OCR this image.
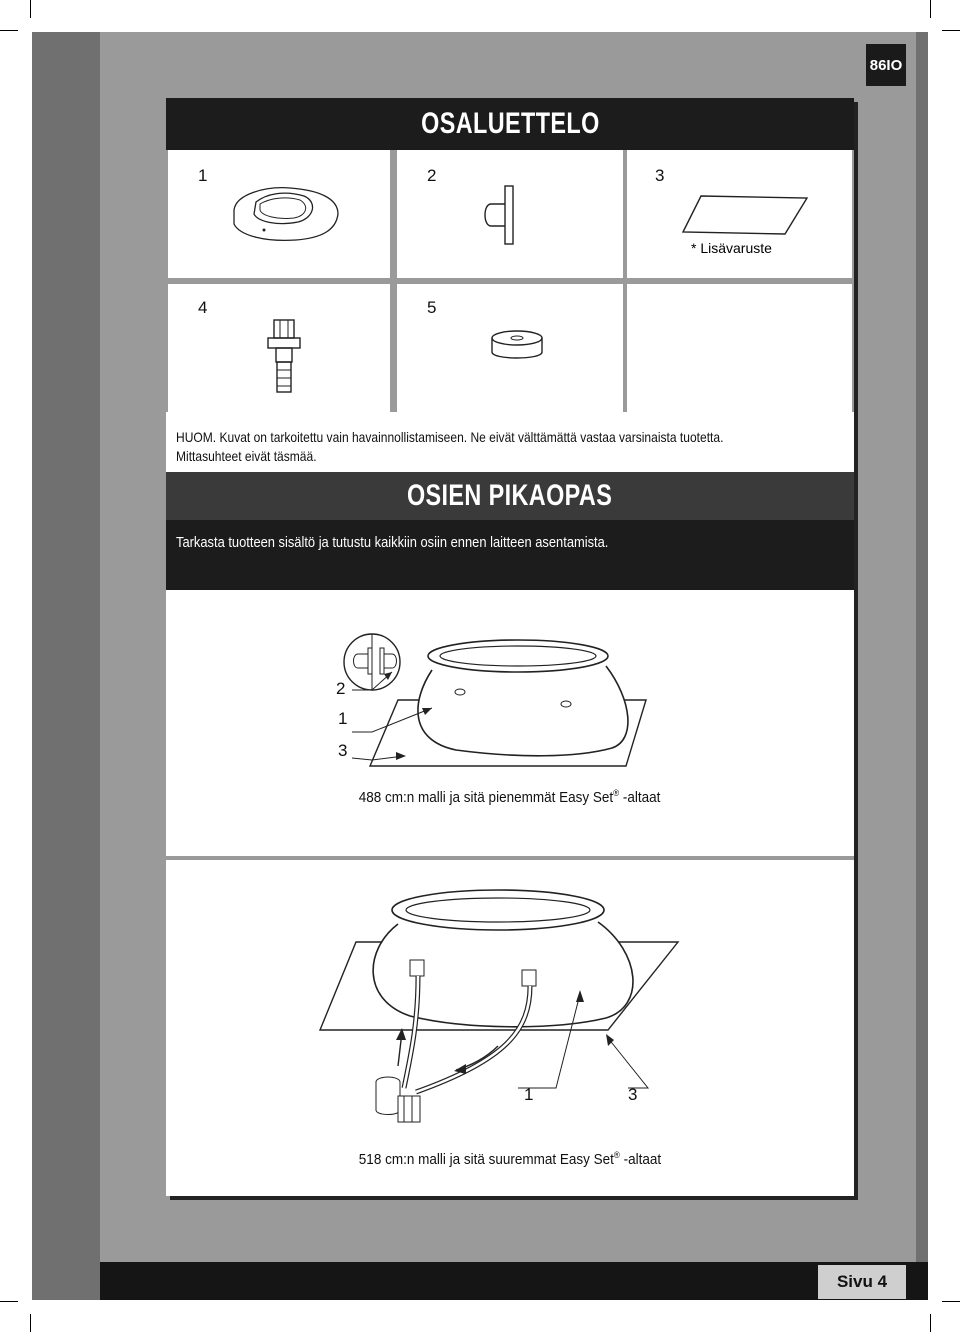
86IO
OSALUETTELO
1	2	3
* Lisävaruste
4	5
HUOM. Kuvat on tarkoitettu vain havainnollistamiseen. Ne eivät välttämättä vastaa varsinaista tuotetta.
Mittasuhteet eivät täsmää.
OSIEN PIKAOPAS
Tarkasta tuotteen sisältö ja tutustu kaikkiin osiin ennen laitteen asentamista.
2
1
3
488 cm:n malli ja sitä pienemmät Easy Set® -altaat
1	3
518 cm:n malli ja sitä suuremmat Easy Set® -altaat
Sivu 4
